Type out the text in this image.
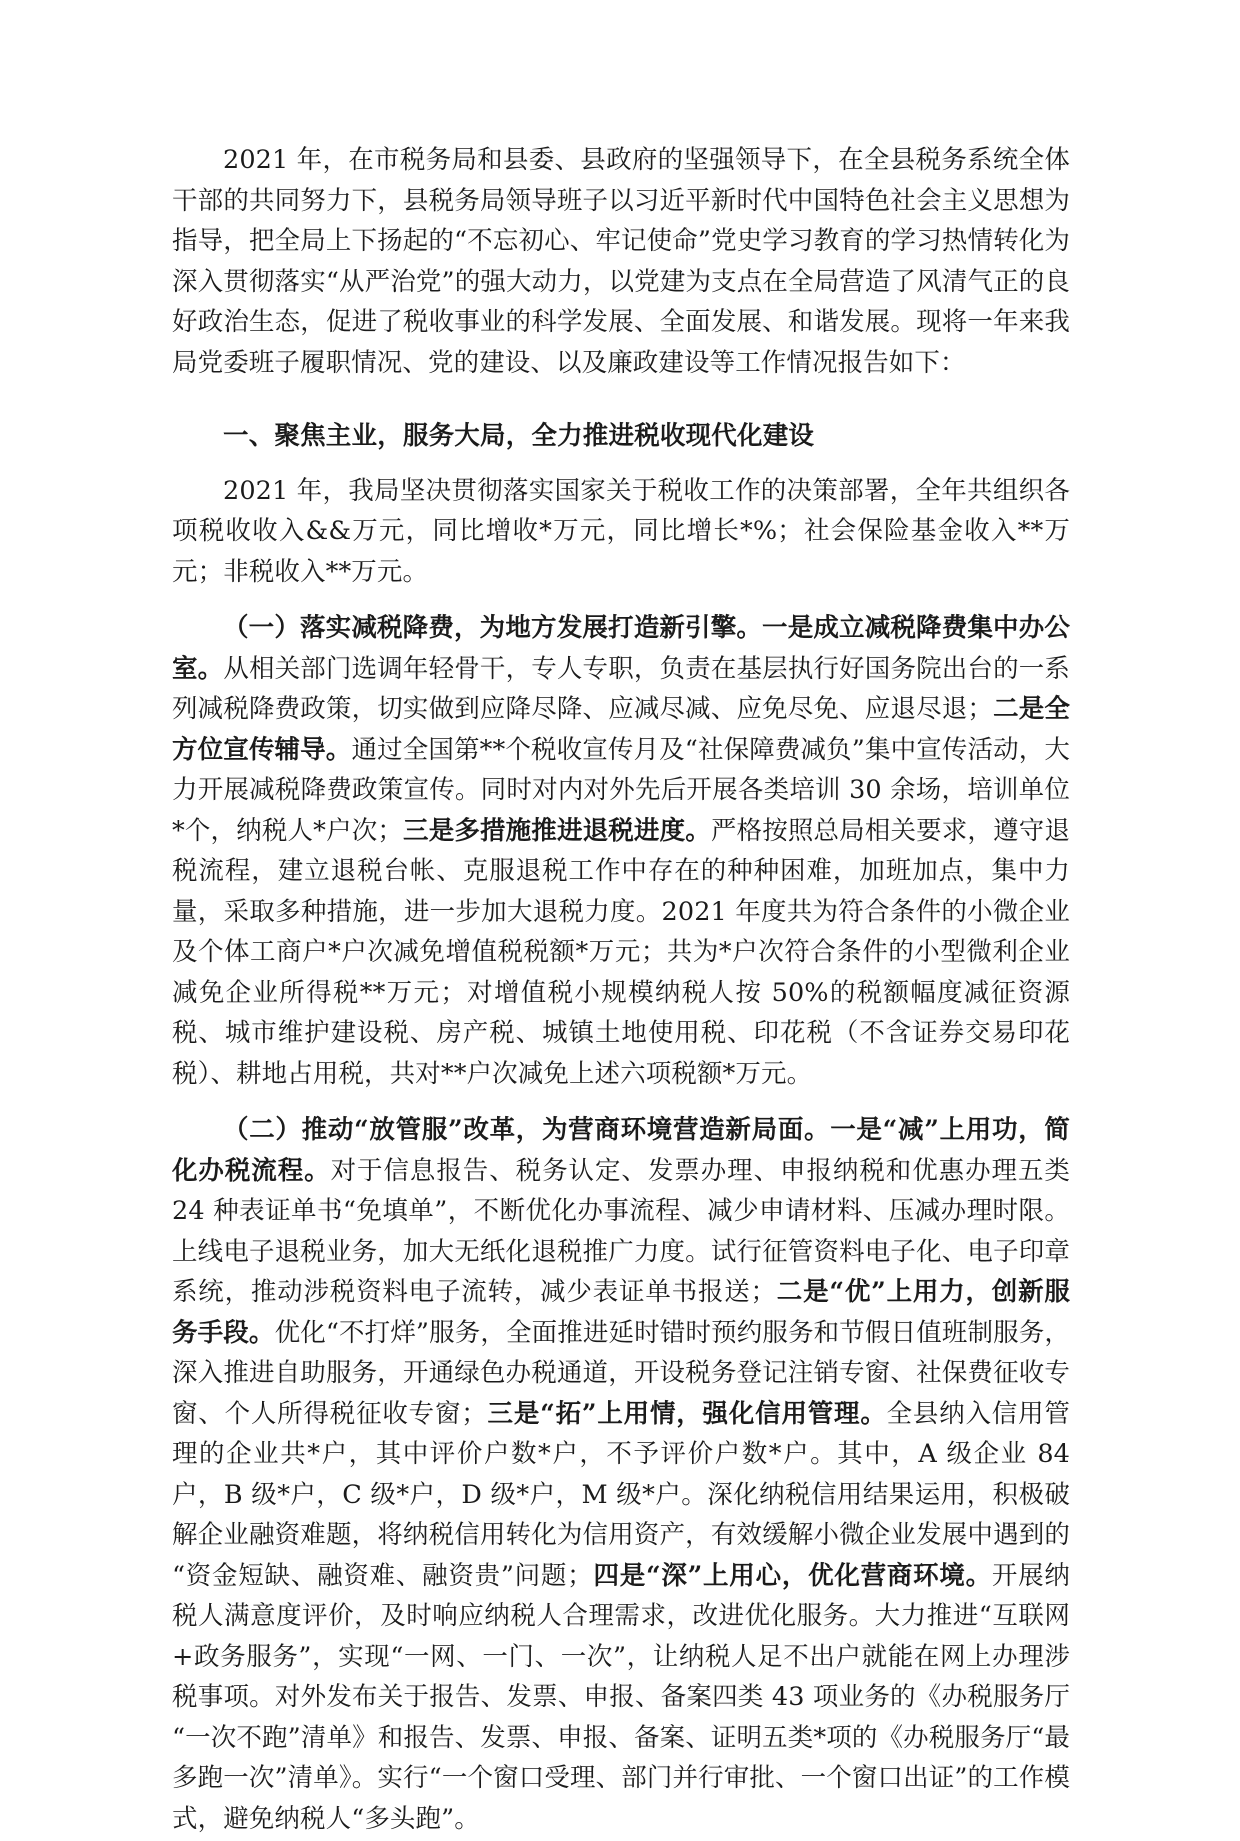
2021 年，在市税务局和县委、县政府的坚强领导下，在全县税务系统全体干部的共同努力下，县税务局领导班子以习近平新时代中国特色社会主义思想为指导，把全局上下扬起的“不忘初心、牢记使命”党史学习教育的学习热情转化为深入贯彻落实“从严治党”的强大动力，以党建为支点在全局营造了风清气正的良好政治生态，促进了税收事业的科学发展、全面发展、和谐发展。现将一年来我局党委班子履职情况、党的建设、以及廉政建设等工作情况报告如下：

一、聚焦主业，服务大局，全力推进税收现代化建设

2021 年，我局坚决贯彻落实国家关于税收工作的决策部署，全年共组织各项税收收入&&万元，同比增收*万元，同比增长*%；社会保险基金收入**万元；非税收入**万元。

（一）落实减税降费，为地方发展打造新引擎。一是成立减税降费集中办公室。从相关部门选调年轻骨干，专人专职，负责在基层执行好国务院出台的一系列减税降费政策，切实做到应降尽降、应减尽减、应免尽免、应退尽退；二是全方位宣传辅导。通过全国第**个税收宣传月及“社保障费减负”集中宣传活动，大力开展减税降费政策宣传。同时对内对外先后开展各类培训 30 余场，培训单位*个，纳税人*户次；三是多措施推进退税进度。严格按照总局相关要求，遵守退税流程，建立退税台帐、克服退税工作中存在的种种困难，加班加点，集中力量，采取多种措施，进一步加大退税力度。2021 年度共为符合条件的小微企业及个体工商户*户次减免增值税税额*万元；共为*户次符合条件的小型微利企业减免企业所得税**万元；对增值税小规模纳税人按 50%的税额幅度减征资源税、城市维护建设税、房产税、城镇土地使用税、印花税（不含证券交易印花税）、耕地占用税，共对**户次减免上述六项税额*万元。

（二）推动“放管服”改革，为营商环境营造新局面。一是“减”上用功，简化办税流程。对于信息报告、税务认定、发票办理、申报纳税和优惠办理五类 24 种表证单书“免填单”，不断优化办事流程、减少申请材料、压减办理时限。上线电子退税业务，加大无纸化退税推广力度。试行征管资料电子化、电子印章系统，推动涉税资料电子流转，减少表证单书报送；二是“优”上用力，创新服务手段。优化“不打烊”服务，全面推进延时错时预约服务和节假日值班制服务，深入推进自助服务，开通绿色办税通道，开设税务登记注销专窗、社保费征收专窗、个人所得税征收专窗；三是“拓”上用情，强化信用管理。全县纳入信用管理的企业共*户，其中评价户数*户，不予评价户数*户。其中，A 级企业 84 户，B 级*户，C 级*户，D 级*户，M 级*户。深化纳税信用结果运用，积极破解企业融资难题，将纳税信用转化为信用资产，有效缓解小微企业发展中遇到的“资金短缺、融资难、融资贵”问题；四是“深”上用心，优化营商环境。开展纳税人满意度评价，及时响应纳税人合理需求，改进优化服务。大力推进“互联网+政务服务”，实现“一网、一门、一次”，让纳税人足不出户就能在网上办理涉税事项。对外发布关于报告、发票、申报、备案四类 43 项业务的《办税服务厅“一次不跑”清单》和报告、发票、申报、备案、证明五类*项的《办税服务厅“最多跑一次”清单》。实行“一个窗口受理、部门并行审批、一个窗口出证”的工作模式，避免纳税人“多头跑”。
